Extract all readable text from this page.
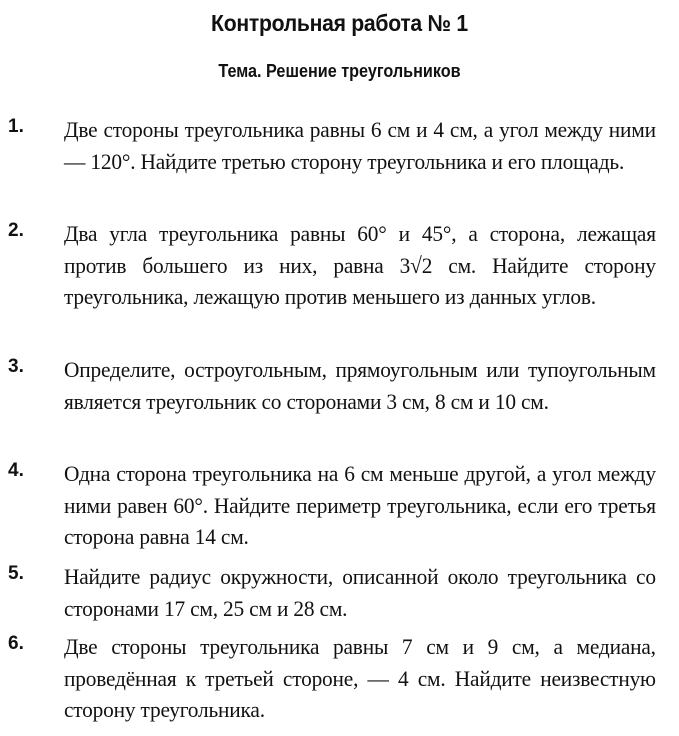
Контрольная работа № 1
Тема. Решение треугольников
1. Две стороны треугольника равны 6 см и 4 см, а угол между ними — 120°. Найдите третью сторону треугольника и его площадь.
2. Два угла треугольника равны 60° и 45°, а сторона, лежащая против большего из них, равна 3√2 см. Найдите сторону треугольника, лежащую против меньшего из данных углов.
3. Определите, остроугольным, прямоугольным или тупоугольным является треугольник со сторонами 3 см, 8 см и 10 см.
4. Одна сторона треугольника на 6 см меньше другой, а угол между ними равен 60°. Найдите периметр треугольника, если его третья сторона равна 14 см.
5. Найдите радиус окружности, описанной около треугольника со сторонами 17 см, 25 см и 28 см.
6. Две стороны треугольника равны 7 см и 9 см, а медиана, проведённая к третьей стороне, — 4 см. Найдите неизвестную сторону треугольника.
